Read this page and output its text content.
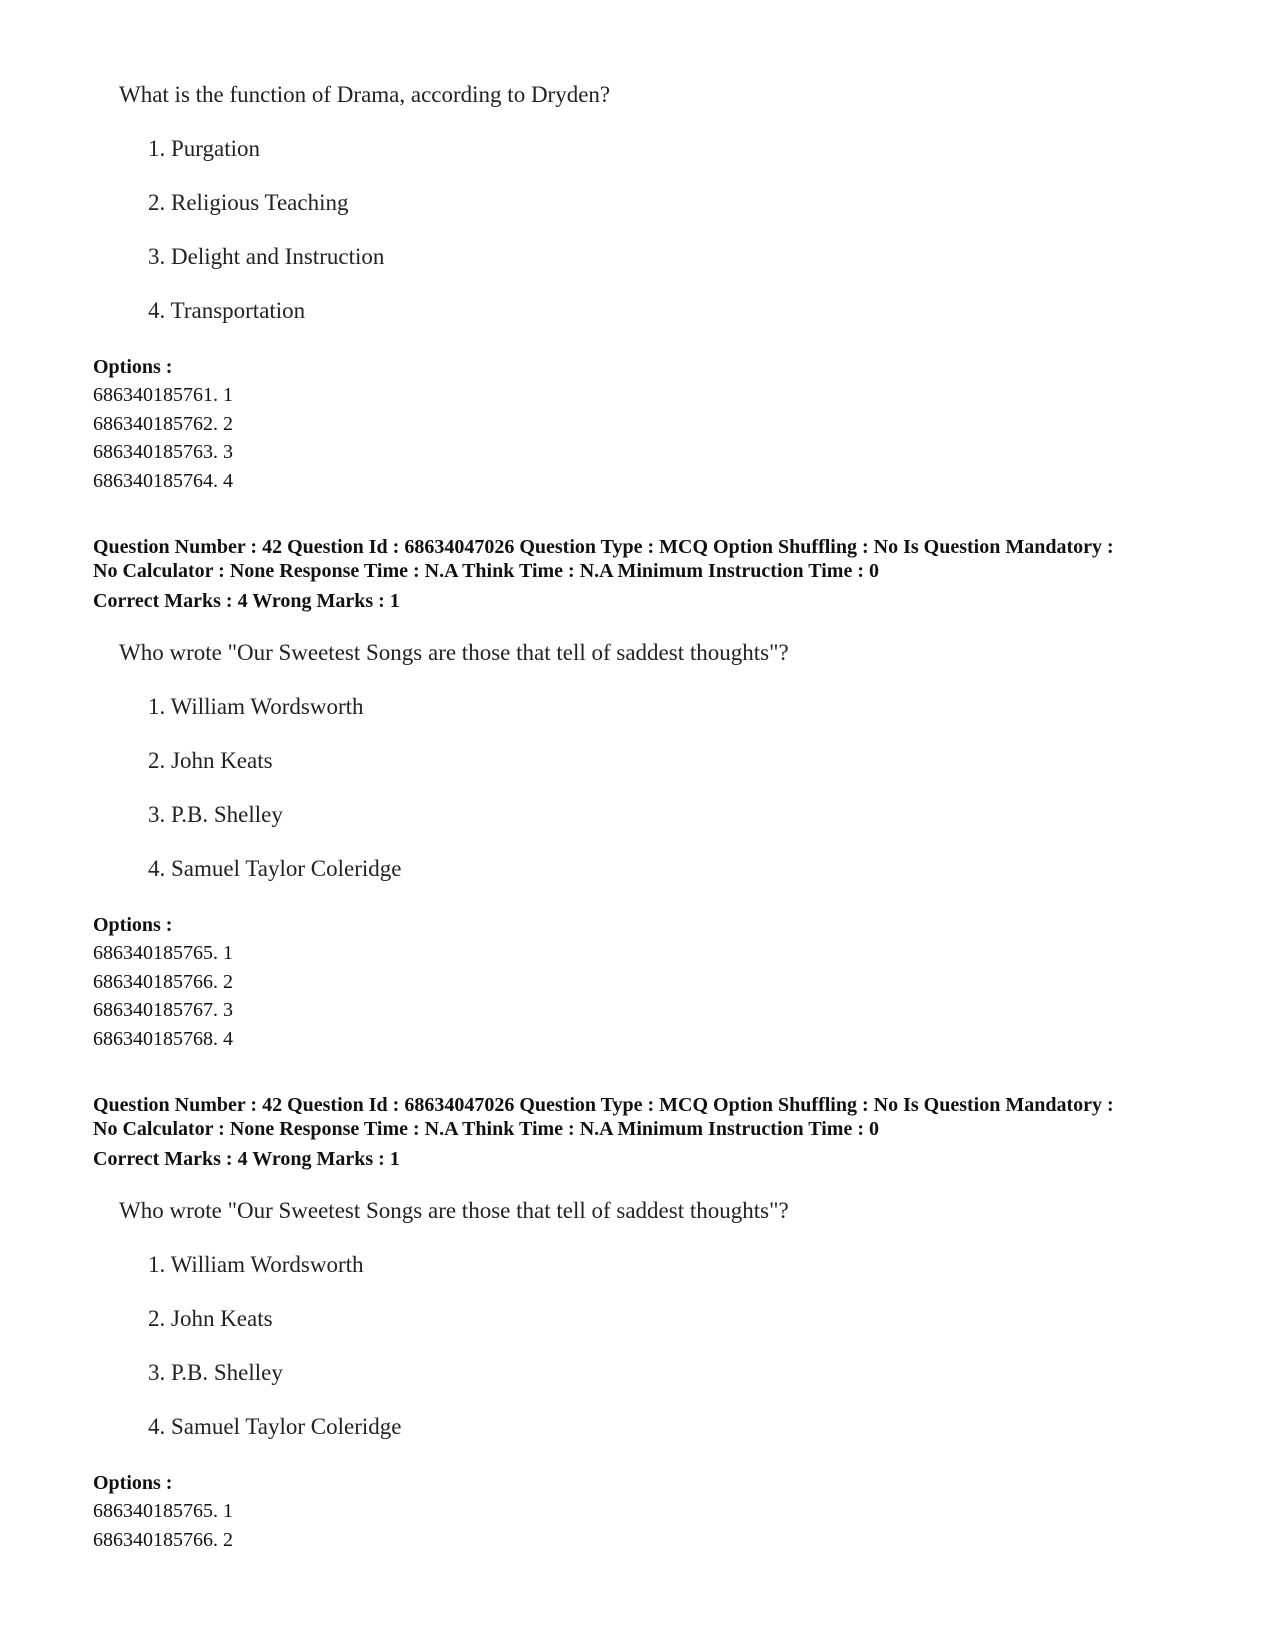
What is the function of Drama, according to Dryden?
1. Purgation
2. Religious Teaching
3. Delight and Instruction
4. Transportation
Options :
686340185761. 1
686340185762. 2
686340185763. 3
686340185764. 4
Question Number : 42 Question Id : 68634047026 Question Type : MCQ Option Shuffling : No Is Question Mandatory :
No Calculator : None Response Time : N.A Think Time : N.A Minimum Instruction Time : 0
Correct Marks : 4 Wrong Marks : 1
Who wrote "Our Sweetest Songs are those that tell of saddest thoughts"?
1. William Wordsworth
2. John Keats
3. P.B. Shelley
4. Samuel Taylor Coleridge
Options :
686340185765. 1
686340185766. 2
686340185767. 3
686340185768. 4
Question Number : 42 Question Id : 68634047026 Question Type : MCQ Option Shuffling : No Is Question Mandatory :
No Calculator : None Response Time : N.A Think Time : N.A Minimum Instruction Time : 0
Correct Marks : 4 Wrong Marks : 1
Who wrote "Our Sweetest Songs are those that tell of saddest thoughts"?
1. William Wordsworth
2. John Keats
3. P.B. Shelley
4. Samuel Taylor Coleridge
Options :
686340185765. 1
686340185766. 2
